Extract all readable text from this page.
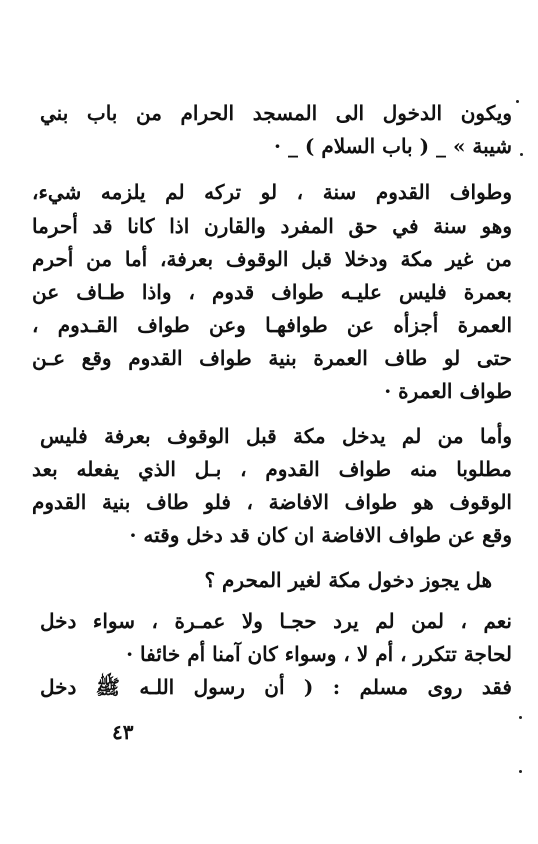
ويكون الدخول الى المسجد الحرام من باب بني
شيبة » _ ( باب السلام ) _ ·
وطواف القدوم سنة ، لو تركه لم يلزمه شيء،
وهو سنة في حق المفرد والقارن اذا كانا قد أحرما
من غير مكة ودخلا قبل الوقوف بعرفة، أما من أحرم
بعمرة فليس عليـه طواف قدوم ، واذا طـاف عن
العمرة أجزأه عن طوافهـا وعن طواف القـدوم ،
حتى لو طاف العمرة بنية طواف القدوم وقع عـن
طواف العمرة ·
وأما من لم يدخل مكة قبل الوقوف بعرفة فليس
مطلوبا منه طواف القدوم ، بـل الذي يفعله بعد
الوقوف هو طواف الافاضة ، فلو طاف بنية القدوم
وقع عن طواف الافاضة ان كان قد دخل وقته ·
هل يجوز دخول مكة لغير المحرم ؟
نعم ، لمن لم يرد حجـا ولا عمـرة ، سواء دخل
لحاجة تتكرر ، أم لا ، وسواء كان آمنا أم خائفا ·
فقد روى مسلم : ( أن رسول اللـه ﷺ دخل
٤٣
